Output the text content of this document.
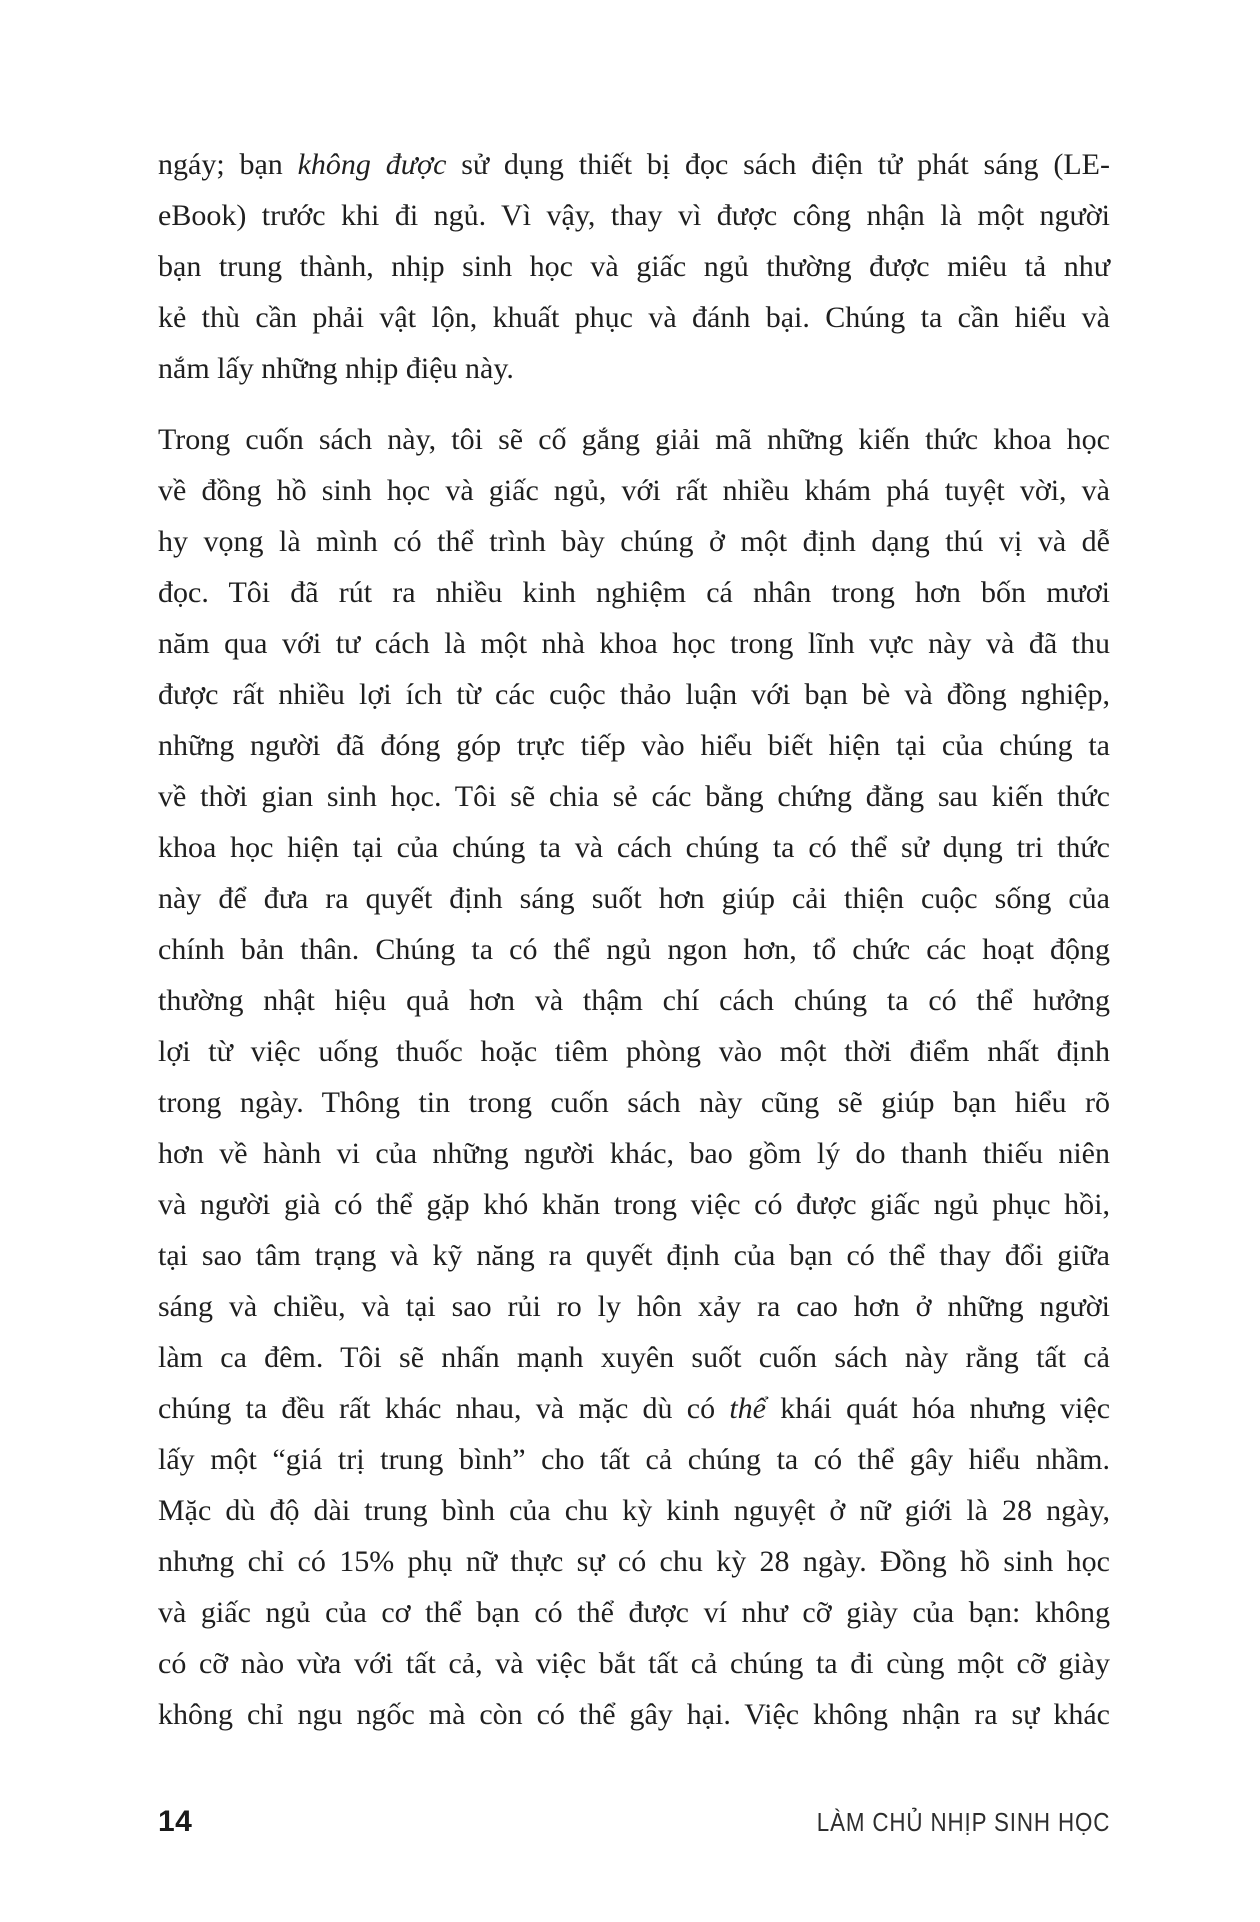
ngáy; bạn không được sử dụng thiết bị đọc sách điện tử phát sáng (LE-
eBook) trước khi đi ngủ. Vì vậy, thay vì được công nhận là một người
bạn trung thành, nhịp sinh học và giấc ngủ thường được miêu tả như
kẻ thù cần phải vật lộn, khuất phục và đánh bại. Chúng ta cần hiểu và
nắm lấy những nhịp điệu này.
Trong cuốn sách này, tôi sẽ cố gắng giải mã những kiến thức khoa học
về đồng hồ sinh học và giấc ngủ, với rất nhiều khám phá tuyệt vời, và
hy vọng là mình có thể trình bày chúng ở một định dạng thú vị và dễ
đọc. Tôi đã rút ra nhiều kinh nghiệm cá nhân trong hơn bốn mươi
năm qua với tư cách là một nhà khoa học trong lĩnh vực này và đã thu
được rất nhiều lợi ích từ các cuộc thảo luận với bạn bè và đồng nghiệp,
những người đã đóng góp trực tiếp vào hiểu biết hiện tại của chúng ta
về thời gian sinh học. Tôi sẽ chia sẻ các bằng chứng đằng sau kiến thức
khoa học hiện tại của chúng ta và cách chúng ta có thể sử dụng tri thức
này để đưa ra quyết định sáng suốt hơn giúp cải thiện cuộc sống của
chính bản thân. Chúng ta có thể ngủ ngon hơn, tổ chức các hoạt động
thường nhật hiệu quả hơn và thậm chí cách chúng ta có thể hưởng
lợi từ việc uống thuốc hoặc tiêm phòng vào một thời điểm nhất định
trong ngày. Thông tin trong cuốn sách này cũng sẽ giúp bạn hiểu rõ
hơn về hành vi của những người khác, bao gồm lý do thanh thiếu niên
và người già có thể gặp khó khăn trong việc có được giấc ngủ phục hồi,
tại sao tâm trạng và kỹ năng ra quyết định của bạn có thể thay đổi giữa
sáng và chiều, và tại sao rủi ro ly hôn xảy ra cao hơn ở những người
làm ca đêm. Tôi sẽ nhấn mạnh xuyên suốt cuốn sách này rằng tất cả
chúng ta đều rất khác nhau, và mặc dù có thể khái quát hóa nhưng việc
lấy một “giá trị trung bình” cho tất cả chúng ta có thể gây hiểu nhầm.
Mặc dù độ dài trung bình của chu kỳ kinh nguyệt ở nữ giới là 28 ngày,
nhưng chỉ có 15% phụ nữ thực sự có chu kỳ 28 ngày. Đồng hồ sinh học
và giấc ngủ của cơ thể bạn có thể được ví như cỡ giày của bạn: không
có cỡ nào vừa với tất cả, và việc bắt tất cả chúng ta đi cùng một cỡ giày
không chỉ ngu ngốc mà còn có thể gây hại. Việc không nhận ra sự khác
14	LÀM CHỦ NHỊP SINH HỌC
